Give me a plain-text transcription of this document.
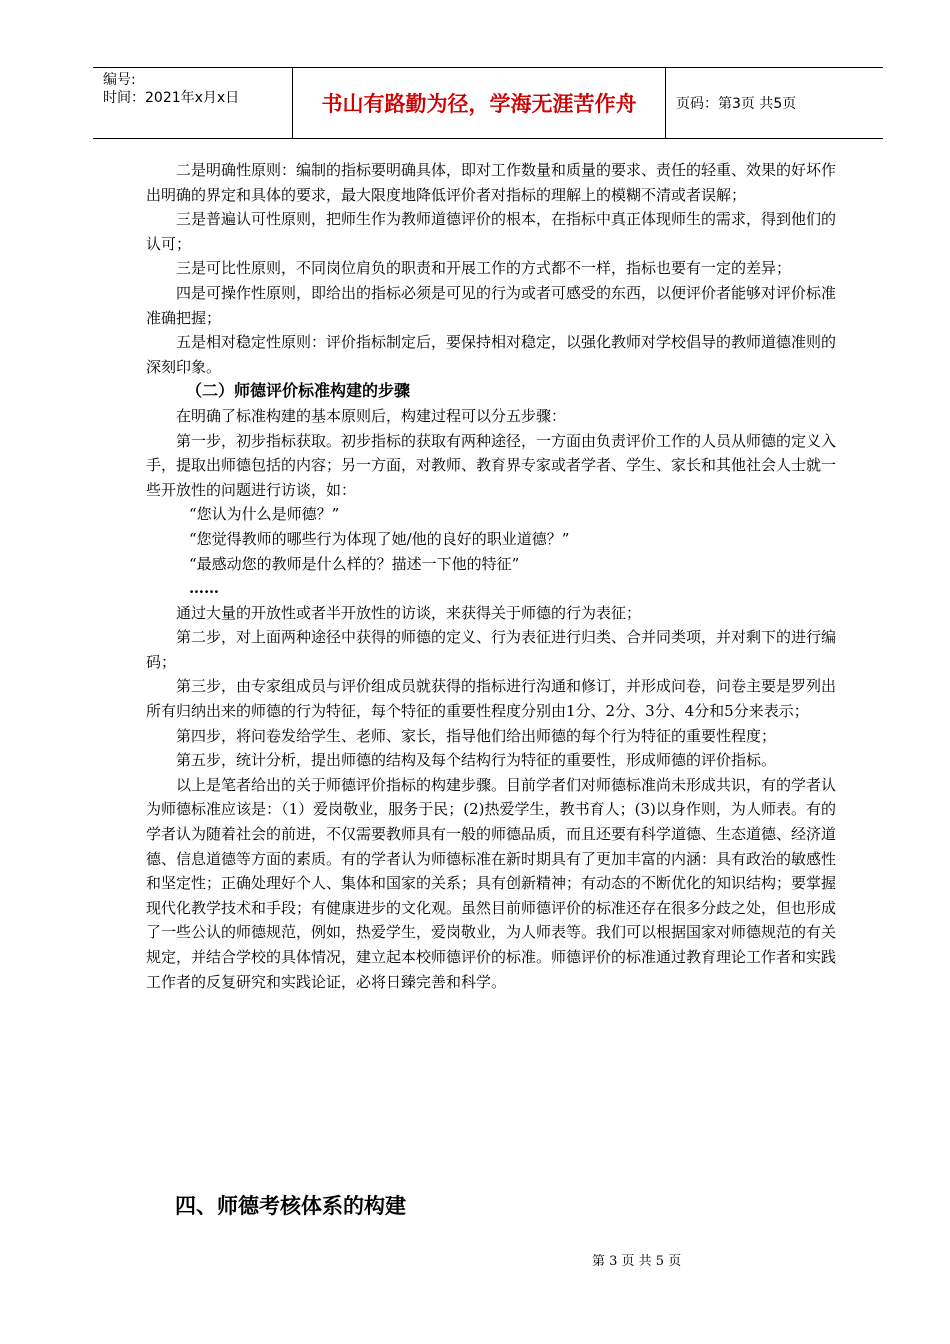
编号:
时间：2021年x月x日	书山有路勤为径，学海无涯苦作舟	页码：第3页 共5页

二是明确性原则：编制的指标要明确具体，即对工作数量和质量的要求、责任的轻重、效果的好坏作出明确的界定和具体的要求，最大限度地降低评价者对指标的理解上的模糊不清或者误解；

三是普遍认可性原则，把师生作为教师道德评价的根本，在指标中真正体现师生的需求，得到他们的认可；

三是可比性原则，不同岗位肩负的职责和开展工作的方式都不一样，指标也要有一定的差异；

四是可操作性原则，即给出的指标必须是可见的行为或者可感受的东西，以便评价者能够对评价标准准确把握；

五是相对稳定性原则：评价指标制定后，要保持相对稳定，以强化教师对学校倡导的教师道德准则的深刻印象。

（二）师德评价标准构建的步骤

在明确了标准构建的基本原则后，构建过程可以分五步骤：

第一步，初步指标获取。初步指标的获取有两种途径，一方面由负责评价工作的人员从师德的定义入手，提取出师德包括的内容；另一方面，对教师、教育界专家或者学者、学生、家长和其他社会人士就一些开放性的问题进行访谈，如：

“您认为什么是师德？”

“您觉得教师的哪些行为体现了她/他的良好的职业道德？”

“最感动您的教师是什么样的？描述一下他的特征”

……

通过大量的开放性或者半开放性的访谈，来获得关于师德的行为表征；

第二步，对上面两种途径中获得的师德的定义、行为表征进行归类、合并同类项，并对剩下的进行编码；

第三步，由专家组成员与评价组成员就获得的指标进行沟通和修订，并形成问卷，问卷主要是罗列出所有归纳出来的师德的行为特征，每个特征的重要性程度分别由1分、2分、3分、4分和5分来表示；

第四步，将问卷发给学生、老师、家长，指导他们给出师德的每个行为特征的重要性程度；

第五步，统计分析，提出师德的结构及每个结构行为特征的重要性，形成师德的评价指标。

以上是笔者给出的关于师德评价指标的构建步骤。目前学者们对师德标准尚未形成共识，有的学者认为师德标准应该是：（1）爱岗敬业，服务于民；(2)热爱学生，教书育人；(3)以身作则，为人师表。有的学者认为随着社会的前进，不仅需要教师具有一般的师德品质，而且还要有科学道德、生态道德、经济道德、信息道德等方面的素质。有的学者认为师德标准在新时期具有了更加丰富的内涵：具有政治的敏感性和坚定性；正确处理好个人、集体和国家的关系；具有创新精神；有动态的不断优化的知识结构；要掌握现代化教学技术和手段；有健康进步的文化观。虽然目前师德评价的标准还存在很多分歧之处，但也形成了一些公认的师德规范，例如，热爱学生，爱岗敬业，为人师表等。我们可以根据国家对师德规范的有关规定，并结合学校的具体情况，建立起本校师德评价的标准。师德评价的标准通过教育理论工作者和实践工作者的反复研究和实践论证，必将日臻完善和科学。

四、师德考核体系的构建
第 3 页 共 5 页
